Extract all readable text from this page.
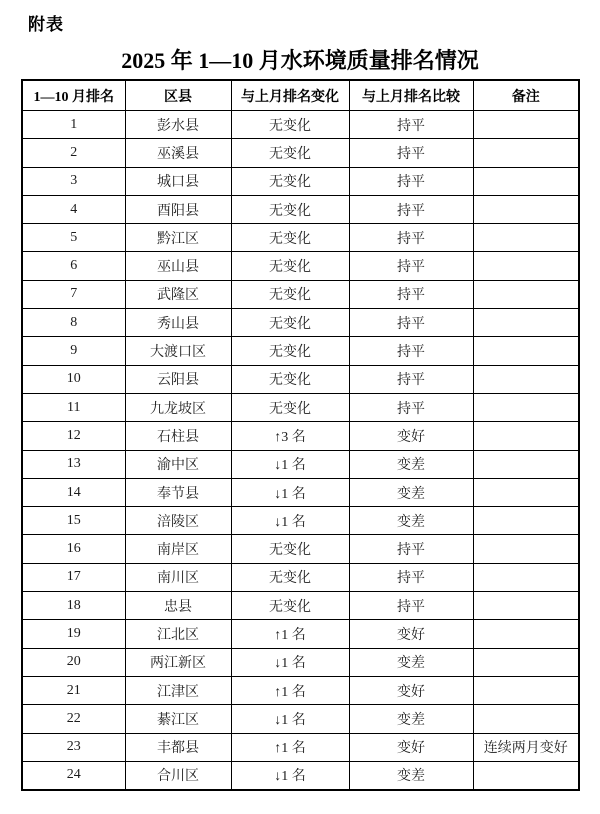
附表
2025 年 1—10 月水环境质量排名情况
1—10 月排名	区县	与上月排名变化	与上月排名比较	备注
1	彭水县	无变化	持平	
2	巫溪县	无变化	持平	
3	城口县	无变化	持平	
4	酉阳县	无变化	持平	
5	黔江区	无变化	持平	
6	巫山县	无变化	持平	
7	武隆区	无变化	持平	
8	秀山县	无变化	持平	
9	大渡口区	无变化	持平	
10	云阳县	无变化	持平	
11	九龙坡区	无变化	持平	
12	石柱县	↑3 名	变好	
13	渝中区	↓1 名	变差	
14	奉节县	↓1 名	变差	
15	涪陵区	↓1 名	变差	
16	南岸区	无变化	持平	
17	南川区	无变化	持平	
18	忠县	无变化	持平	
19	江北区	↑1 名	变好	
20	两江新区	↓1 名	变差	
21	江津区	↑1 名	变好	
22	綦江区	↓1 名	变差	
23	丰都县	↑1 名	变好	连续两月变好
24	合川区	↓1 名	变差	
